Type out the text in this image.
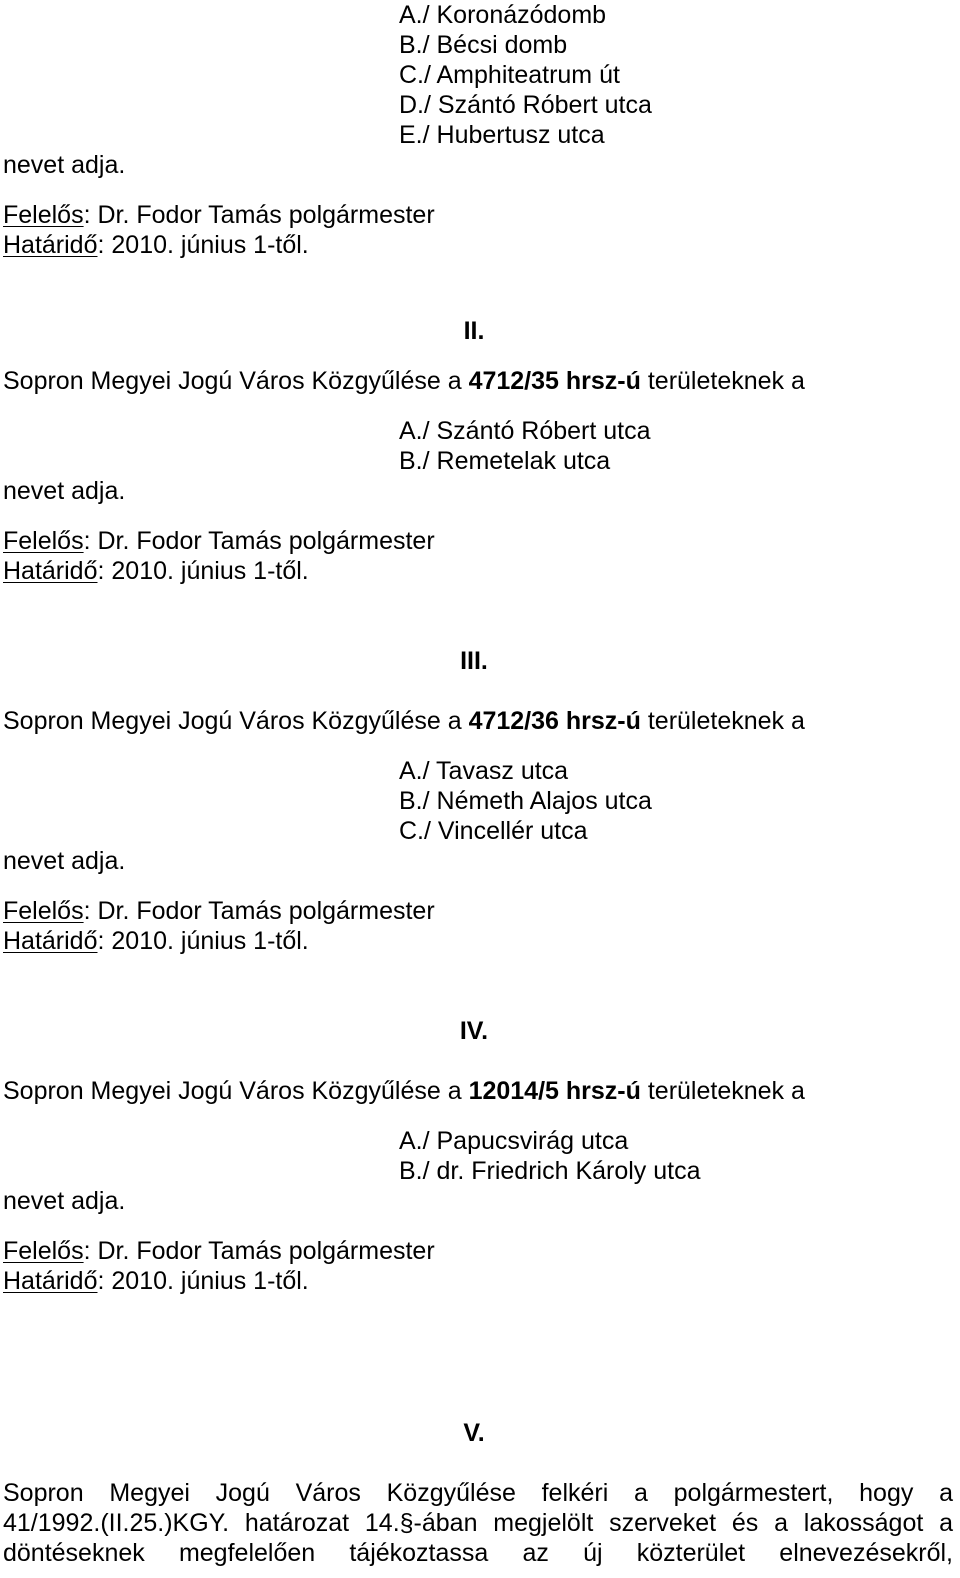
A./ Koronázódomb
B./ Bécsi domb
C./ Amphiteatrum út
D./ Szántó Róbert utca
E./ Hubertusz utca
nevet adja.
Felelős: Dr. Fodor Tamás polgármester
Határidő: 2010. június 1-től.
II.
Sopron Megyei Jogú Város Közgyűlése a 4712/35 hrsz-ú területeknek a
A./ Szántó Róbert utca
B./ Remetelak utca
nevet adja.
Felelős: Dr. Fodor Tamás polgármester
Határidő: 2010. június 1-től.
III.
Sopron Megyei Jogú Város Közgyűlése a 4712/36 hrsz-ú területeknek a
A./ Tavasz utca
B./ Németh Alajos utca
C./ Vincellér utca
nevet adja.
Felelős: Dr. Fodor Tamás polgármester
Határidő: 2010. június 1-től.
IV.
Sopron Megyei Jogú Város Közgyűlése a 12014/5 hrsz-ú területeknek a
A./ Papucsvirág utca
B./ dr. Friedrich Károly utca
nevet adja.
Felelős: Dr. Fodor Tamás polgármester
Határidő: 2010. június 1-től.
V.
Sopron Megyei Jogú Város Közgyűlése felkéri a polgármestert, hogy a
41/1992.(II.25.)KGY. határozat 14.§-ában megjelölt szerveket és a lakosságot a
döntéseknek megfelelően tájékoztassa az új közterület elnevezésekről,
